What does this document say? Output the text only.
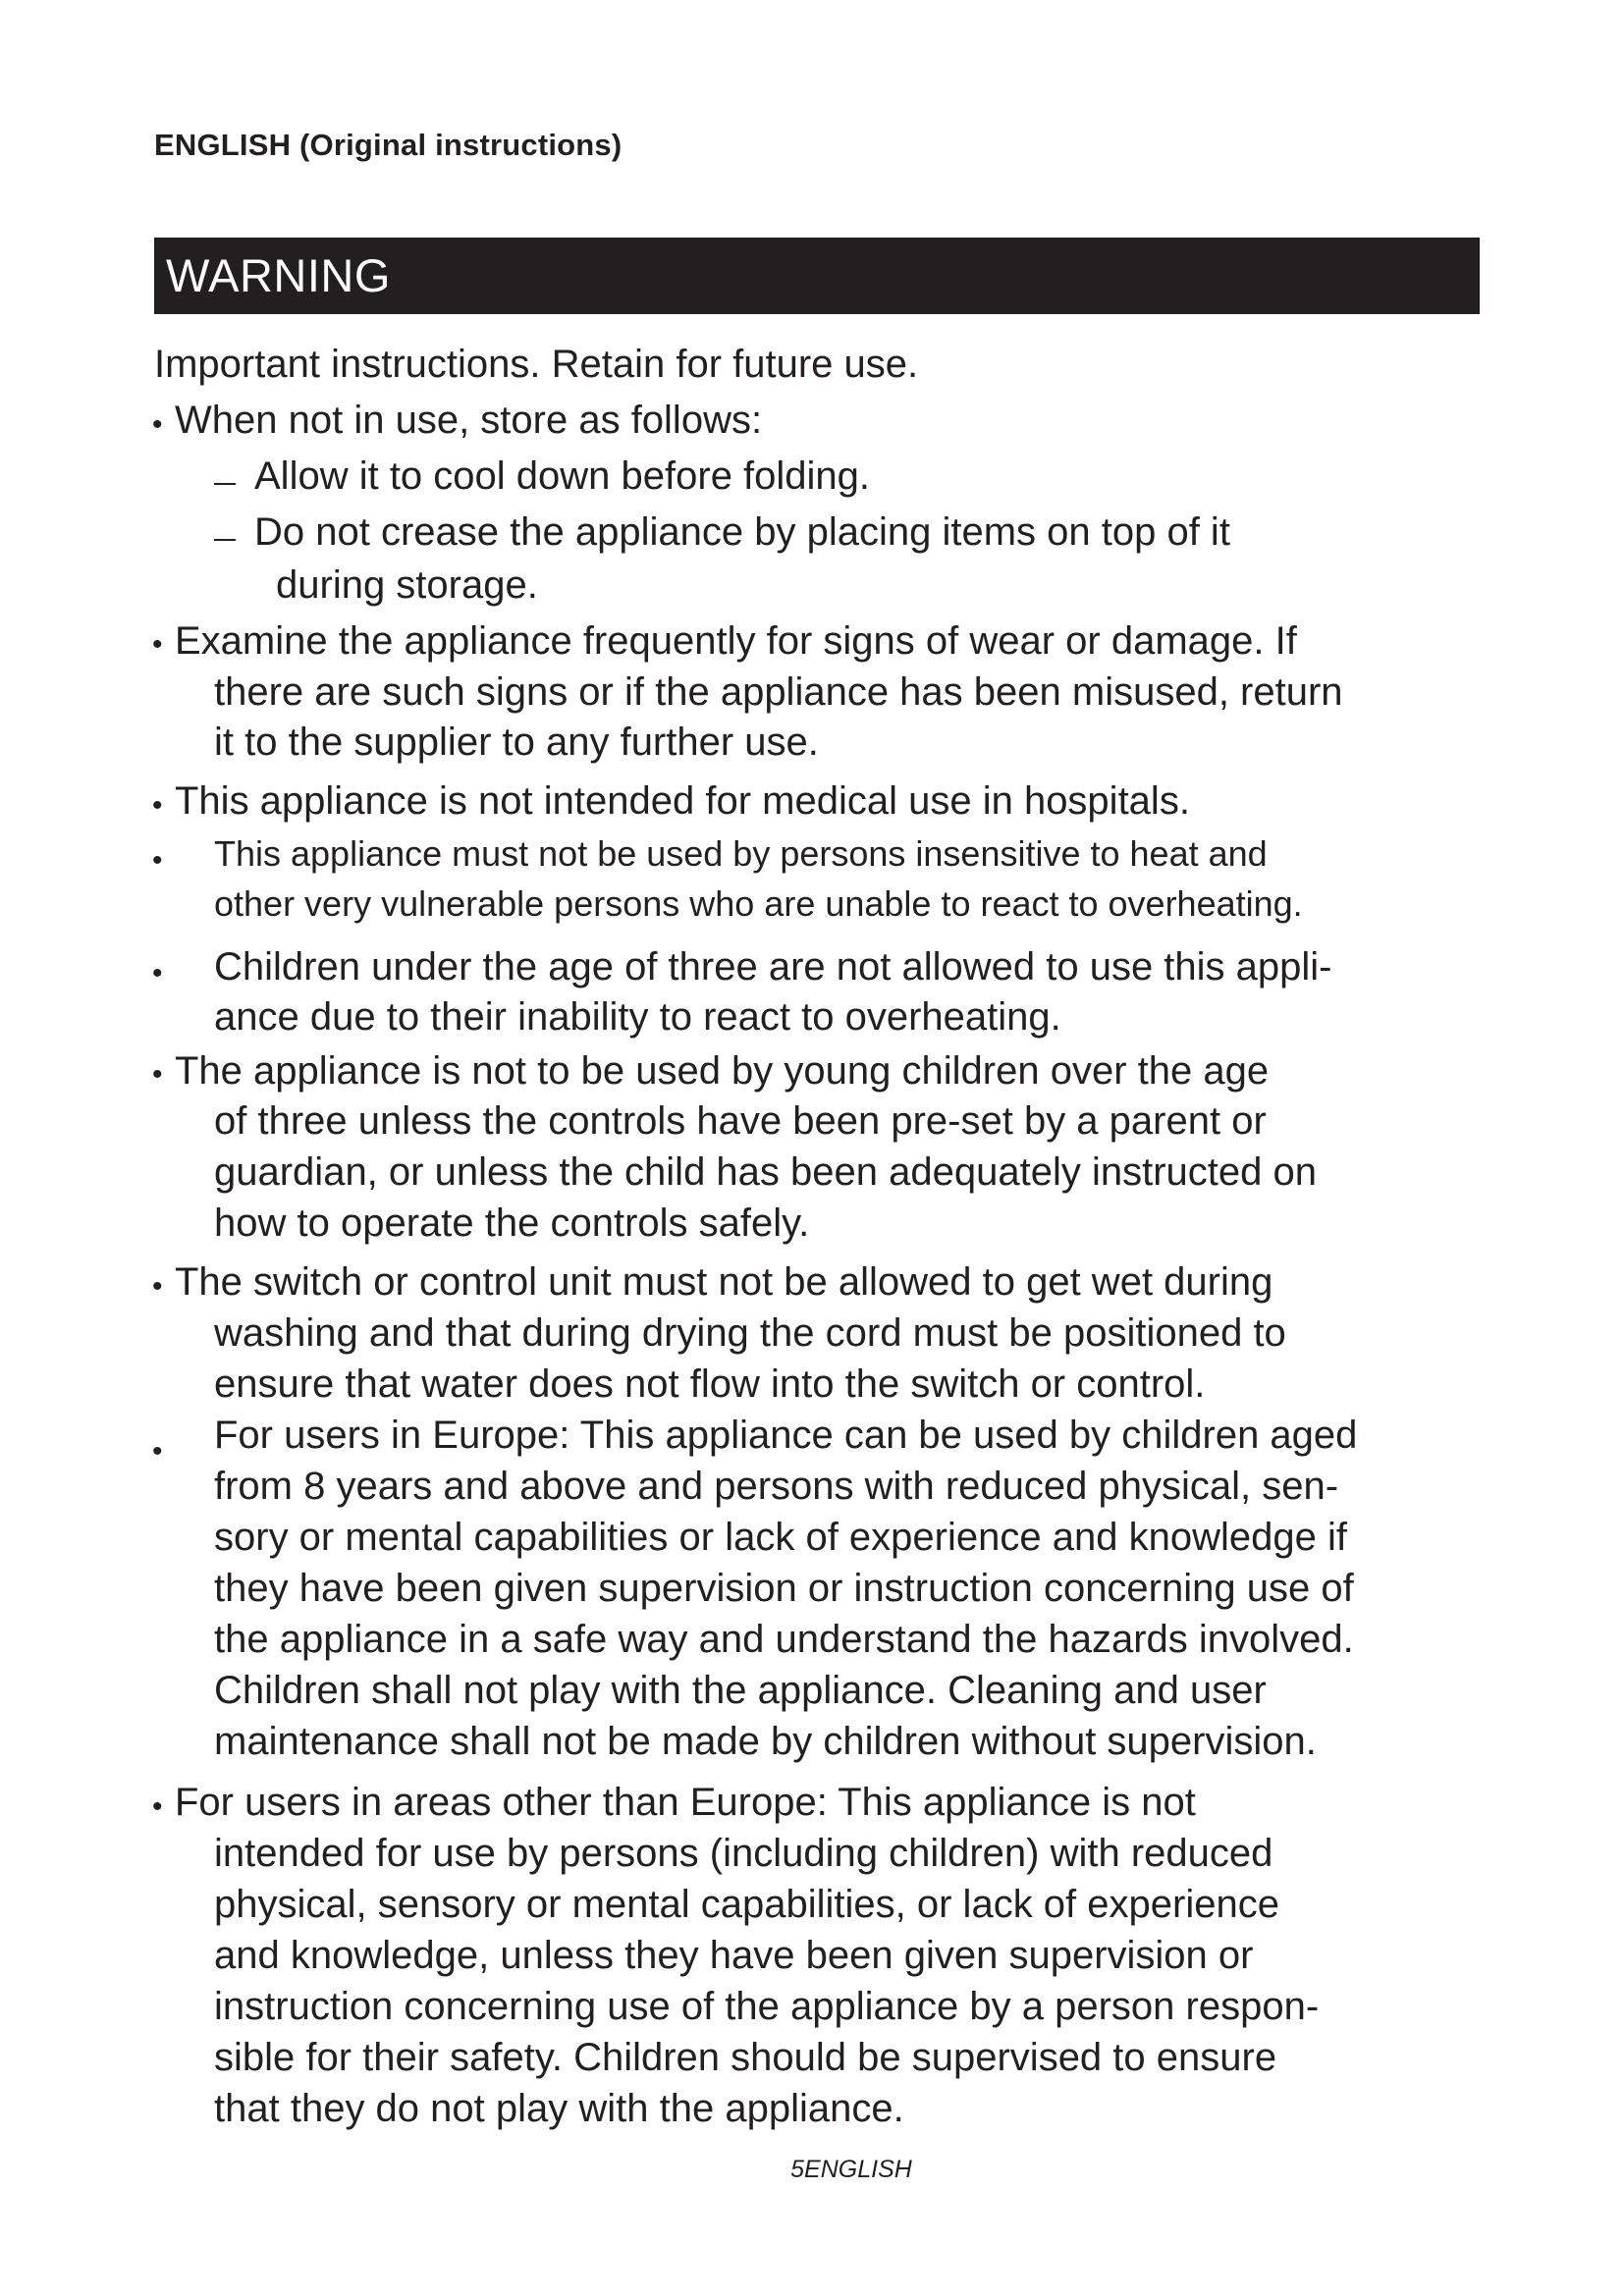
ENGLISH (Original instructions)
WARNING
Important instructions. Retain for future use.
• When not in use, store as follows:
Allow it to cool down before folding.
Do not crease the appliance by placing items on top of it
during storage.
• Examine the appliance frequently for signs of wear or damage. If
there are such signs or if the appliance has been misused, return
it to the supplier to any further use.
• This appliance is not intended for medical use in hospitals.
• This appliance must not be used by persons insensitive to heat and
other very vulnerable persons who are unable to react to overheating.
• Children under the age of three are not allowed to use this appli-
ance due to their inability to react to overheating.
• The appliance is not to be used by young children over the age
of three unless the controls have been pre-set by a parent or
guardian, or unless the child has been adequately instructed on
how to operate the controls safely.
• The switch or control unit must not be allowed to get wet during
washing and that during drying the cord must be positioned to
ensure that water does not flow into the switch or control.
• For users in Europe: This appliance can be used by children aged
from 8 years and above and persons with reduced physical, sen-
sory or mental capabilities or lack of experience and knowledge if
they have been given supervision or instruction concerning use of
the appliance in a safe way and understand the hazards involved.
Children shall not play with the appliance. Cleaning and user
maintenance shall not be made by children without supervision.
• For users in areas other than Europe: This appliance is not
intended for use by persons (including children) with reduced
physical, sensory or mental capabilities, or lack of experience
and knowledge, unless they have been given supervision or
instruction concerning use of the appliance by a person respon-
sible for their safety. Children should be supervised to ensure
that they do not play with the appliance.
5ENGLISH
